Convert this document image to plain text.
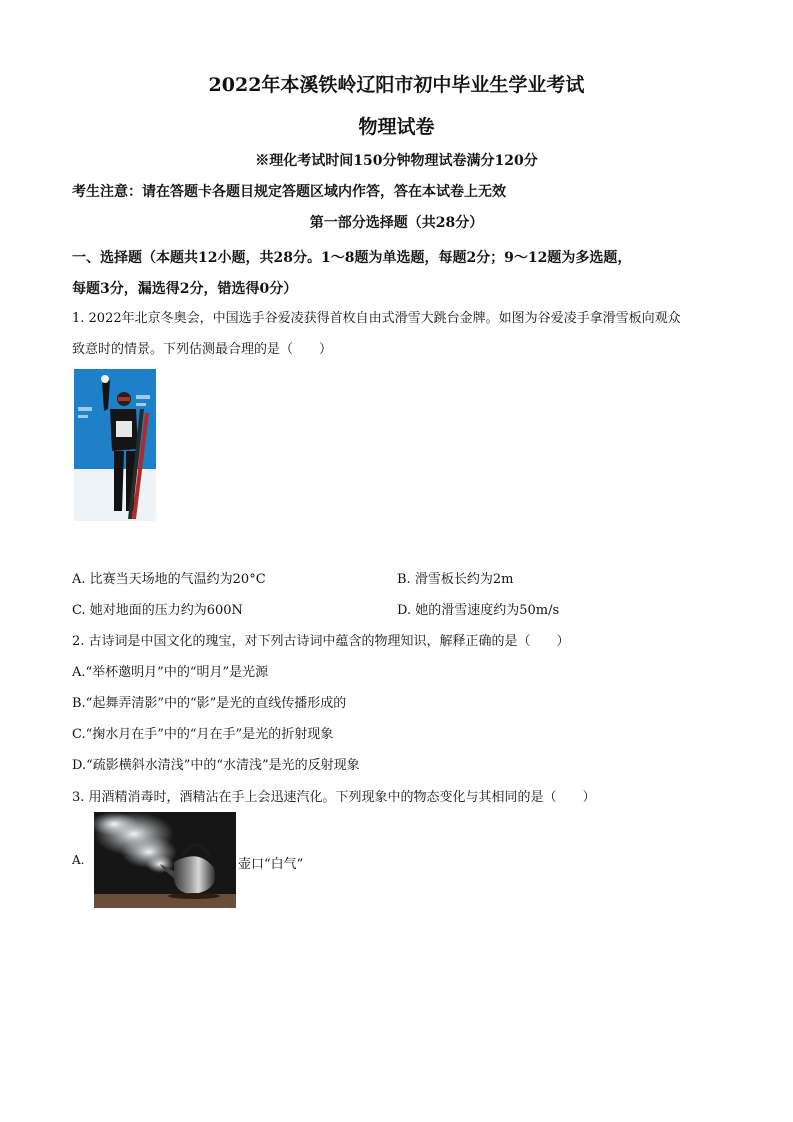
2022年本溪铁岭辽阳市初中毕业生学业考试
物理试卷
※理化考试时间150分钟物理试卷满分120分
考生注意：请在答题卡各题目规定答题区域内作答，答在本试卷上无效
第一部分选择题（共28分）
一、选择题（本题共12小题，共28分。1～8题为单选题，每题2分；9～12题为多选题，
每题3分，漏选得2分，错选得0分）
1. 2022年北京冬奥会，中国选手谷爱凌获得首枚自由式滑雪大跳台金牌。如图为谷爱凌手拿滑雪板向观众
致意时的情景。下列估测最合理的是（　　）
A. 比赛当天场地的气温约为20°C	B. 滑雪板长约为2m
C. 她对地面的压力约为600N	D. 她的滑雪速度约为50m/s
2. 古诗词是中国文化的瑰宝，对下列古诗词中蕴含的物理知识，解释正确的是（　　）
A.“举杯邀明月”中的“明月”是光源
B.“起舞弄清影”中的“影”是光的直线传播形成的
C.“掬水月在手”中的“月在手”是光的折射现象
D.“疏影横斜水清浅”中的“水清浅”是光的反射现象
3. 用酒精消毒时，酒精沾在手上会迅速汽化。下列现象中的物态变化与其相同的是（　　）
A.	壶口“白气”
